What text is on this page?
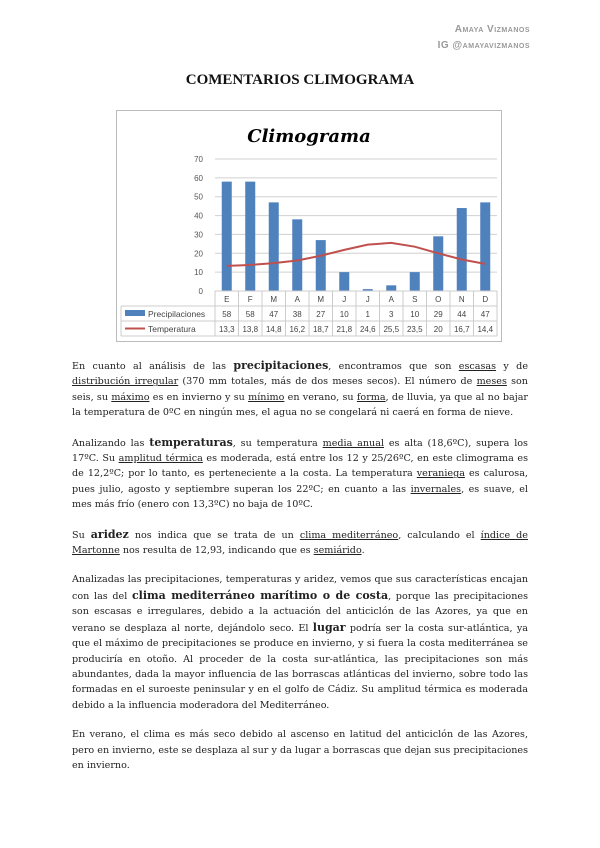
Amaya Vizmanos
IG @amayavizmanos
COMENTARIOS CLIMOGRAMA
Climograma
0
10
20
30
40
50
60
70
E
58
13,3
F
58
13,8
M
47
14,8
A
38
16,2
M
27
18,7
J
10
21,8
J
1
24,6
A
3
25,5
S
10
23,5
O
29
20
N
44
16,7
D
47
14,4
Precipilaciones
Temperatura

En cuanto al análisis de las precipitaciones, encontramos que son escasas y de distribución irregular (370 mm totales, más de dos meses secos). El número de meses son seis, su máximo es en invierno y su mínimo en verano, su forma, de lluvia, ya que al no bajar la temperatura de 0ºC en ningún mes, el agua no se congelará ni caerá en forma de nieve.

Analizando las temperaturas, su temperatura media anual es alta (18,6ºC), supera los 17ºC. Su amplitud térmica es moderada, está entre los 12 y 25/26ºC, en este climograma es de 12,2ºC; por lo tanto, es perteneciente a la costa. La temperatura veraniega es calurosa, pues julio, agosto y septiembre superan los 22ºC; en cuanto a las invernales, es suave, el mes más frío (enero con 13,3ºC) no baja de 10ºC.

Su aridez nos indica que se trata de un clima mediterráneo, calculando el índice de Martonne nos resulta de 12,93, indicando que es semiárido.

Analizadas las precipitaciones, temperaturas y aridez, vemos que sus características encajan con las del clima mediterráneo marítimo o de costa, porque las precipitaciones son escasas e irregulares, debido a la actuación del anticiclón de las Azores, ya que en verano se desplaza al norte, dejándolo seco. El lugar podría ser la costa sur-atlántica, ya que el máximo de precipitaciones se produce en invierno, y si fuera la costa mediterránea se produciría en otoño. Al proceder de la costa sur-atlántica, las precipitaciones son más abundantes, dada la mayor influencia de las borrascas atlánticas del invierno, sobre todo las formadas en el suroeste peninsular y en el golfo de Cádiz. Su amplitud térmica es moderada debido a la influencia moderadora del Mediterráneo.

En verano, el clima es más seco debido al ascenso en latitud del anticiclón de las Azores, pero en invierno, este se desplaza al sur y da lugar a borrascas que dejan sus precipitaciones en invierno.
